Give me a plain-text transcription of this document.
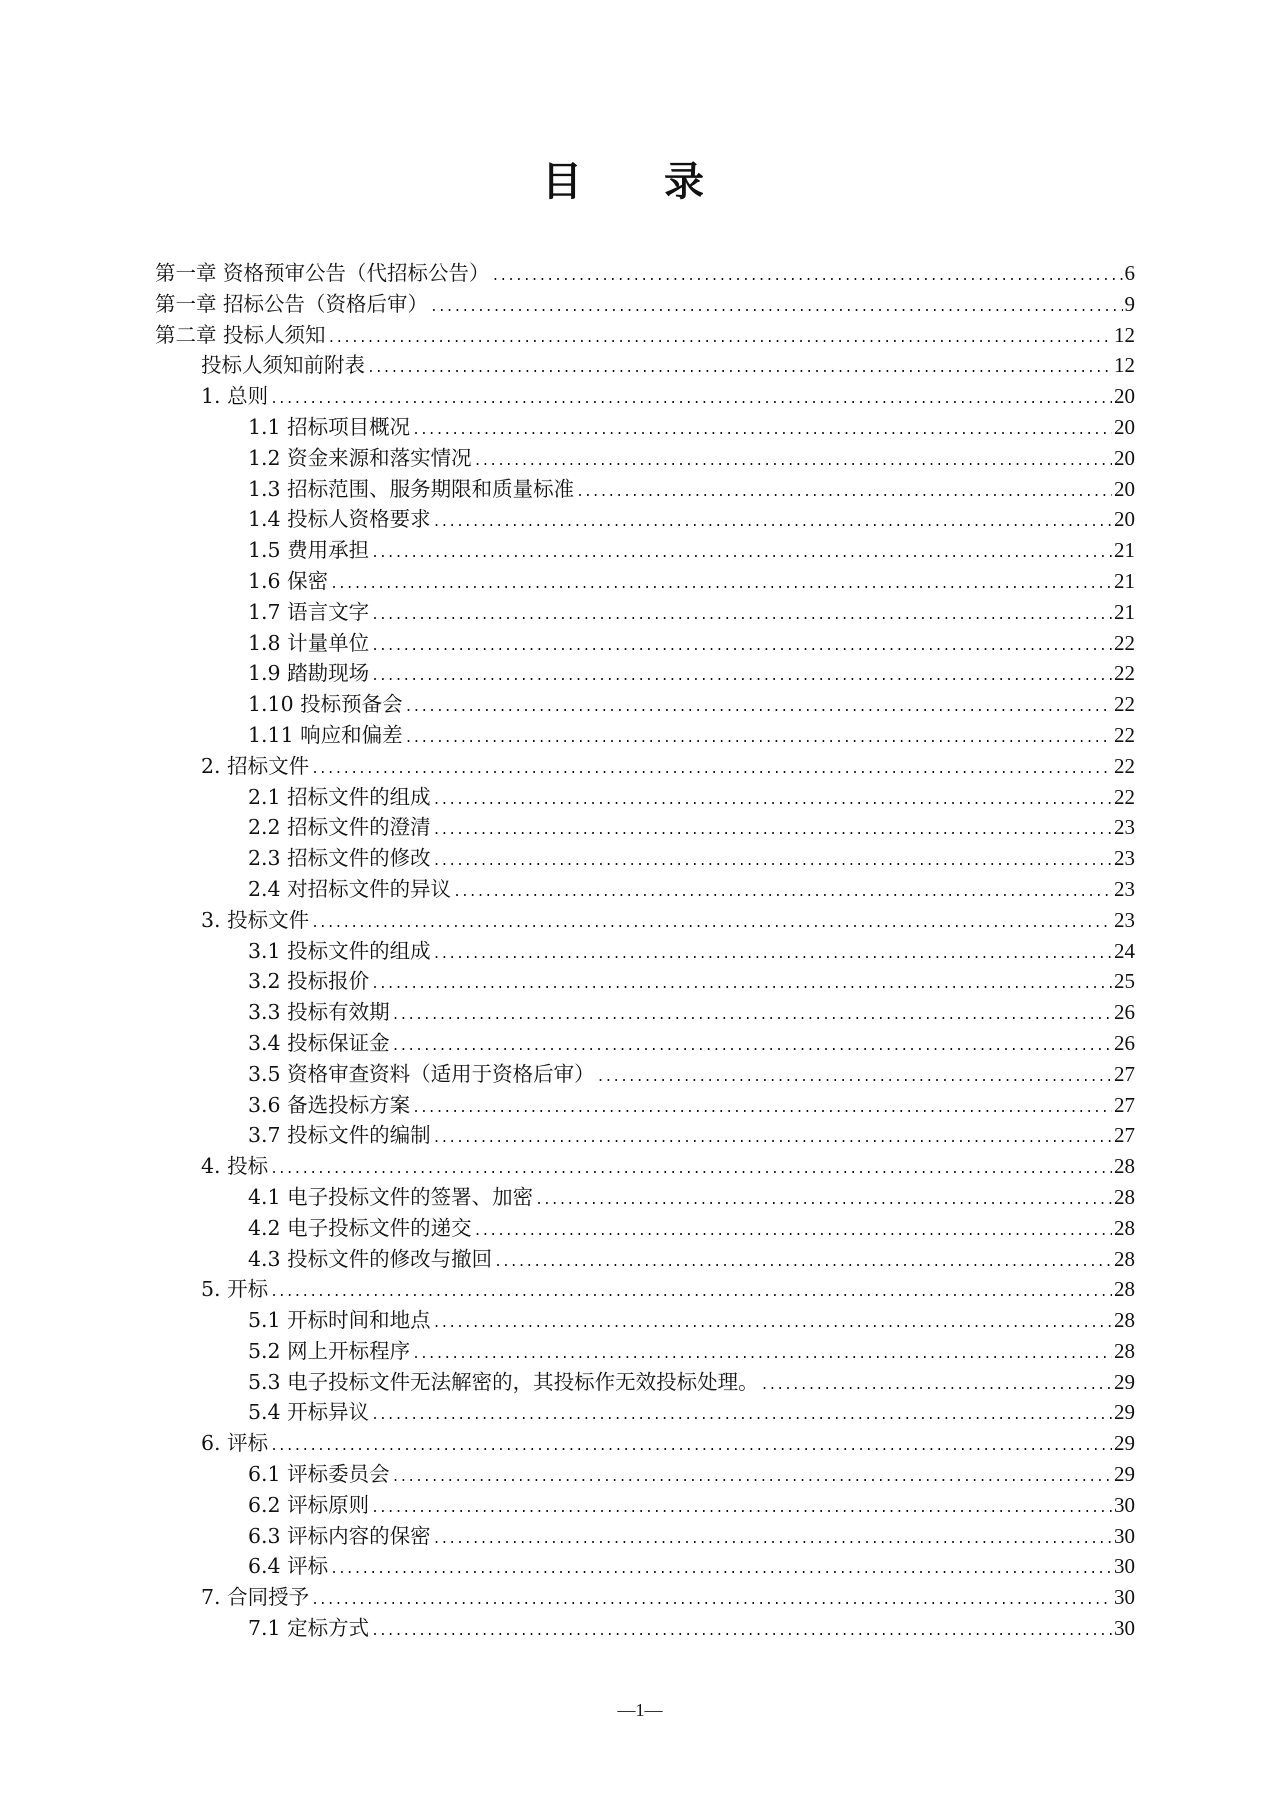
目 录
第一章 资格预审公告（代招标公告） .....	6
第一章 招标公告（资格后审） .....	9
第二章 投标人须知 .....	12
投标人须知前附表 .....	12
1. 总则 .....	20
1.1 招标项目概况 .....	20
1.2 资金来源和落实情况 .....	20
1.3 招标范围、服务期限和质量标准 .....	20
1.4 投标人资格要求 .....	20
1.5 费用承担 .....	21
1.6 保密 .....	21
1.7 语言文字 .....	21
1.8 计量单位 .....	22
1.9 踏勘现场 .....	22
1.10 投标预备会 .....	22
1.11 响应和偏差 .....	22
2. 招标文件 .....	22
2.1 招标文件的组成 .....	22
2.2 招标文件的澄清 .....	23
2.3 招标文件的修改 .....	23
2.4 对招标文件的异议 .....	23
3. 投标文件 .....	23
3.1 投标文件的组成 .....	24
3.2 投标报价 .....	25
3.3 投标有效期 .....	26
3.4 投标保证金 .....	26
3.5 资格审查资料（适用于资格后审） .....	27
3.6 备选投标方案 .....	27
3.7 投标文件的编制 .....	27
4. 投标 .....	28
4.1 电子投标文件的签署、加密 .....	28
4.2 电子投标文件的递交 .....	28
4.3 投标文件的修改与撤回 .....	28
5. 开标 .....	28
5.1 开标时间和地点 .....	28
5.2 网上开标程序 .....	28
5.3 电子投标文件无法解密的，其投标作无效投标处理。 .....	29
5.4 开标异议 .....	29
6. 评标 .....	29
6.1 评标委员会 .....	29
6.2 评标原则 .....	30
6.3 评标内容的保密 .....	30
6.4 评标 .....	30
7. 合同授予 .....	30
7.1 定标方式 .....	30
—1—
